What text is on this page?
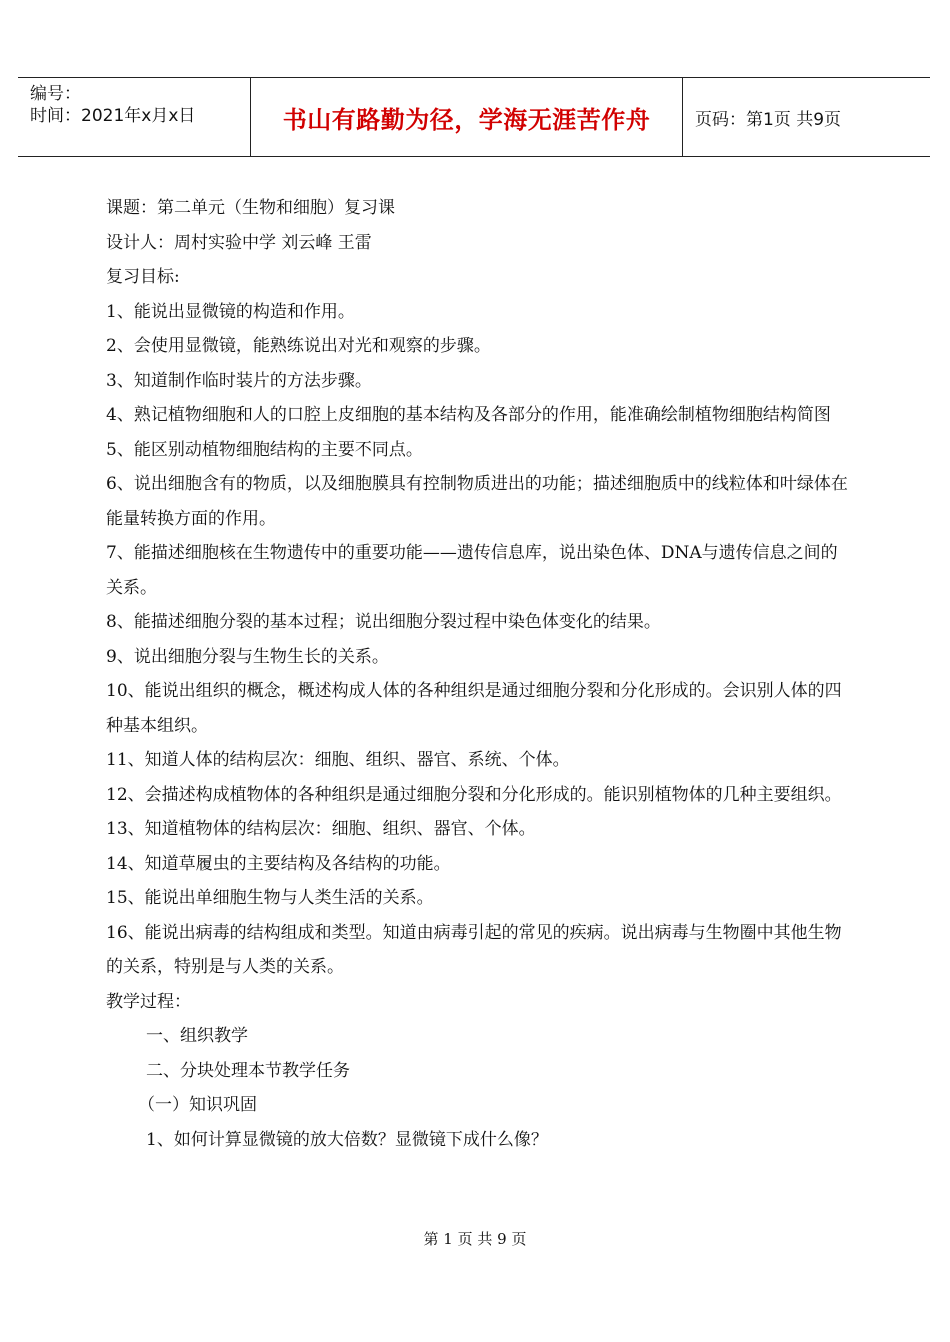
编号：
时间：2021年x月x日	书山有路勤为径，学海无涯苦作舟	页码：第1页 共9页

课题：第二单元（生物和细胞）复习课

设计人：周村实验中学 刘云峰 王雷

复习目标:

1、能说出显微镜的构造和作用。

2、会使用显微镜，能熟练说出对光和观察的步骤。

3、知道制作临时装片的方法步骤。

4、熟记植物细胞和人的口腔上皮细胞的基本结构及各部分的作用，能准确绘制植物细胞结构简图

5、能区别动植物细胞结构的主要不同点。

6、说出细胞含有的物质，以及细胞膜具有控制物质进出的功能；描述细胞质中的线粒体和叶绿体在能量转换方面的作用。

7、能描述细胞核在生物遗传中的重要功能——遗传信息库，说出染色体、DNA与遗传信息之间的关系。

8、能描述细胞分裂的基本过程；说出细胞分裂过程中染色体变化的结果。

9、说出细胞分裂与生物生长的关系。

10、能说出组织的概念，概述构成人体的各种组织是通过细胞分裂和分化形成的。会识别人体的四种基本组织。

11、知道人体的结构层次：细胞、组织、器官、系统、个体。

12、会描述构成植物体的各种组织是通过细胞分裂和分化形成的。能识别植物体的几种主要组织。

13、知道植物体的结构层次：细胞、组织、器官、个体。

14、知道草履虫的主要结构及各结构的功能。

15、能说出单细胞生物与人类生活的关系。

16、能说出病毒的结构组成和类型。知道由病毒引起的常见的疾病。说出病毒与生物圈中其他生物的关系，特别是与人类的关系。

教学过程：

一、组织教学

二、分块处理本节教学任务

（一）知识巩固

1、如何计算显微镜的放大倍数？显微镜下成什么像？

第 1 页 共 9 页
